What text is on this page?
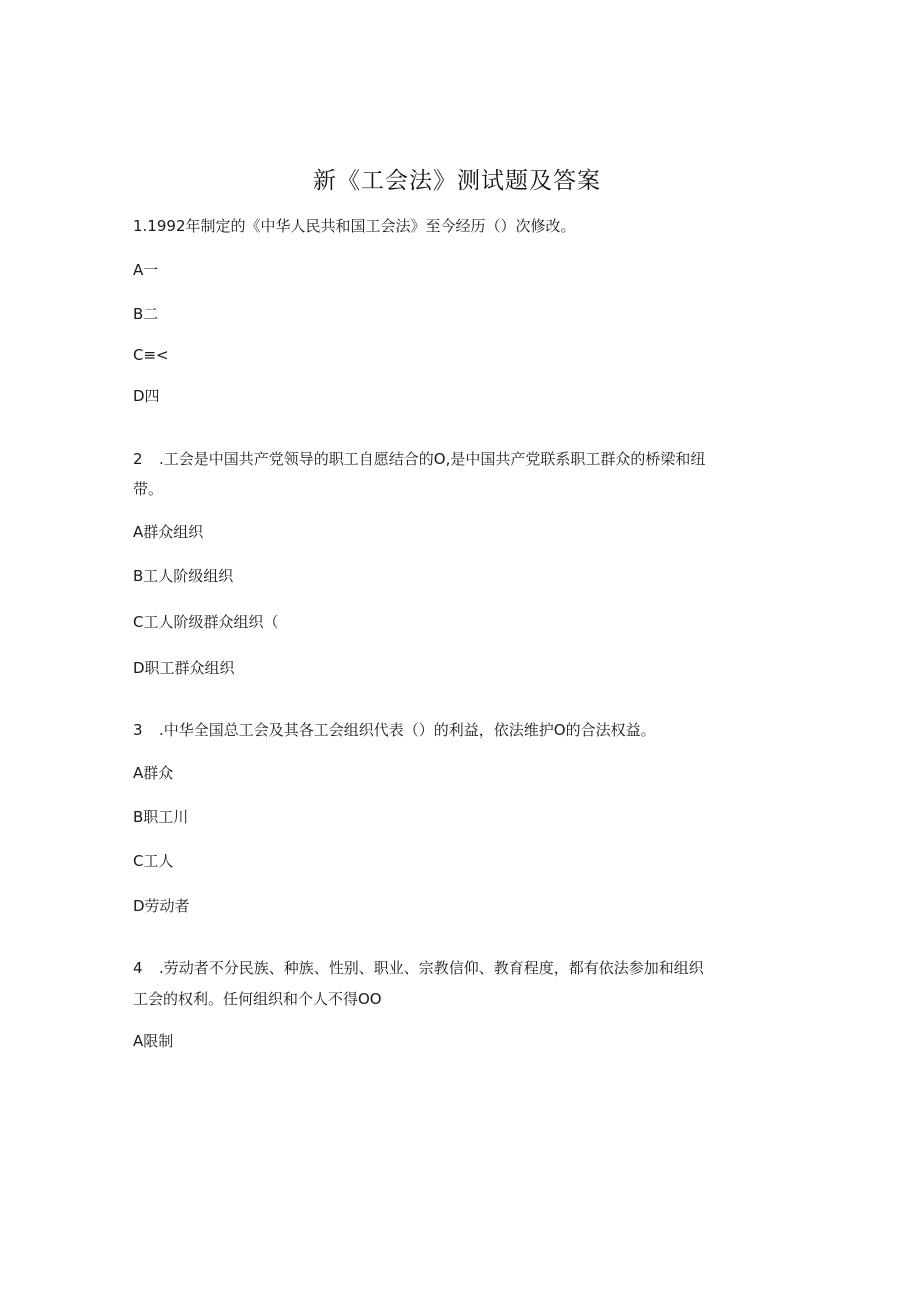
新《工会法》测试题及答案
1.1992年制定的《中华人民共和国工会法》至今经历（）次修改。
A一
B二
C≡<
D四
2 .工会是中国共产党领导的职工自愿结合的O,是中国共产党联系职工群众的桥梁和纽
带。
A群众组织
B工人阶级组织
C工人阶级群众组织（
D职工群众组织
3 .中华全国总工会及其各工会组织代表（）的利益，依法维护O的合法权益。
A群众
B职工川
C工人
D劳动者
4 .劳动者不分民族、种族、性别、职业、宗教信仰、教育程度，都有依法参加和组织
工会的权利。任何组织和个人不得OO
A限制
